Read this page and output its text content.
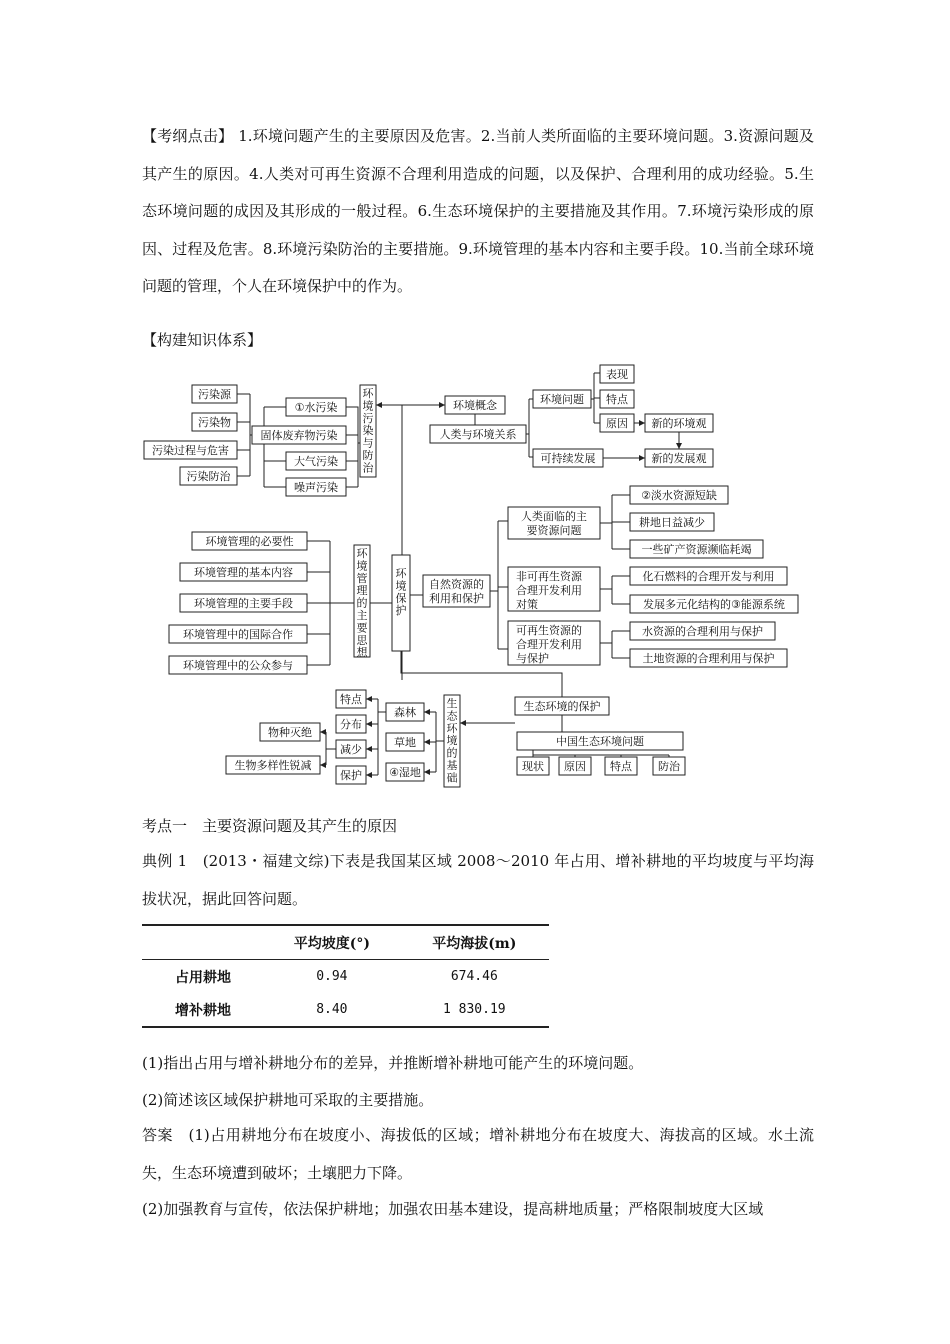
【考纲点击】 1.环境问题产生的主要原因及危害。2.当前人类所面临的主要环境问题。3.资源问题及其产生的原因。4.人类对可再生资源不合理利用造成的问题，以及保护、合理利用的成功经验。5.生态环境问题的成因及其形成的一般过程。6.生态环境保护的主要措施及其作用。7.环境污染形成的原因、过程及危害。8.环境污染防治的主要措施。9.环境管理的基本内容和主要手段。10.当前全球环境问题的管理，个人在环境保护中的作为。
【构建知识体系】
污染源
污染物
污染过程与危害
污染防治
①水污染
固体废弃物污染
大气污染
噪声污染
环境污染与防治
环境概念
人类与环境关系
环境问题
表现
特点
原因 新的环境观
可持续发展	新的发展观
环境管理的必要性
环境管理的基本内容
环境管理的主要手段
环境管理中的国际合作
环境管理中的公众参与
环境管理的主要思想
环境保护
自然资源的
利用和保护
人类面临的主
要资源问题
②淡水资源短缺
耕地日益减少
一些矿产资源濒临耗竭
非可再生资源
合理开发利用
对策
化石燃料的合理开发与利用
发展多元化结构的③能源系统
可再生资源的
合理开发利用
与保护
水资源的合理利用与保护
土地资源的合理利用与保护
生态环境的保护
中国生态环境问题
现状 原因 特点 防治
生态环境的基础
森林
草地
④湿地
特点
分布
减少
保护
物种灭绝
生物多样性锐减
考点一　主要资源问题及其产生的原因
典例 1　(2013・福建文综)下表是我国某区域 2008～2010 年占用、增补耕地的平均坡度与平均海拔状况，据此回答问题。
	平均坡度(°)	平均海拔(m)
占用耕地	0.94	674.46
增补耕地	8.40	1 830.19
(1)指出占用与增补耕地分布的差异，并推断增补耕地可能产生的环境问题。
(2)简述该区域保护耕地可采取的主要措施。
答案　(1)占用耕地分布在坡度小、海拔低的区域；增补耕地分布在坡度大、海拔高的区域。水土流失，生态环境遭到破坏；土壤肥力下降。
(2)加强教育与宣传，依法保护耕地；加强农田基本建设，提高耕地质量；严格限制坡度大区域
